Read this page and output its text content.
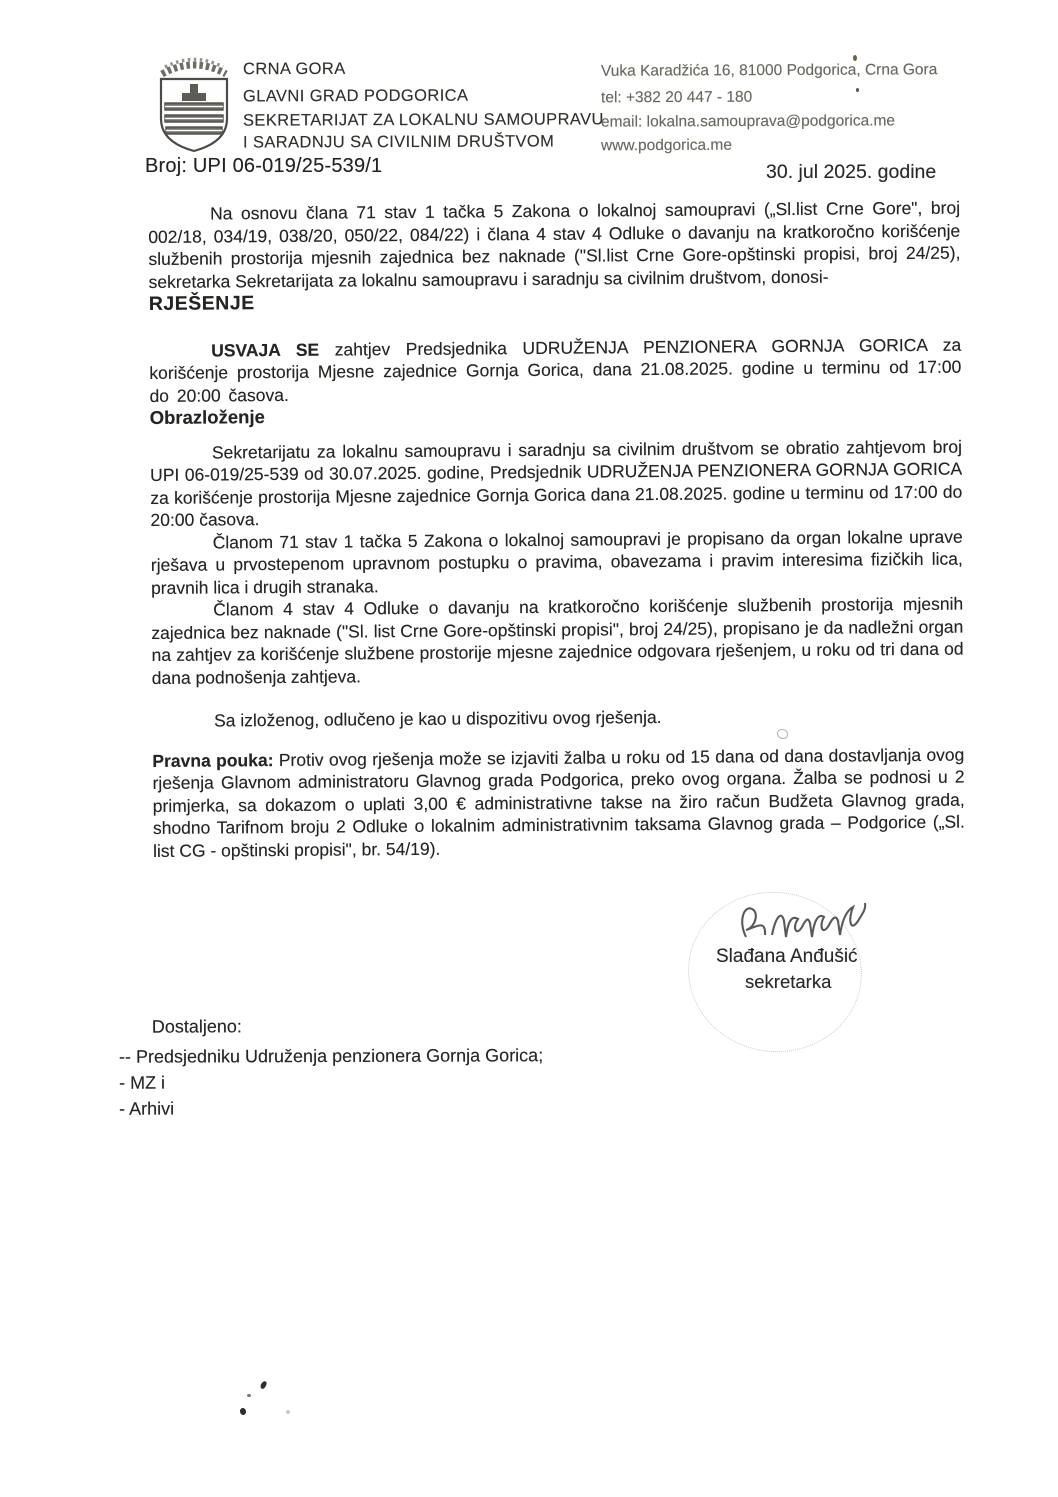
CRNA GORA
GLAVNI GRAD PODGORICA
SEKRETARIJAT ZA LOKALNU SAMOUPRAVU
I SARADNJU SA CIVILNIM DRUŠTVOM
Vuka Karadžića 16, 81000 Podgorica, Crna Gora
tel: +382 20 447 - 180
email: lokalna.samouprava@podgorica.me
www.podgorica.me
Broj: UPI 06-019/25-539/1	30. jul 2025. godine

Na osnovu člana 71 stav 1 tačka 5 Zakona o lokalnoj samoupravi („Sl.list Crne Gore", broj 002/18, 034/19, 038/20, 050/22, 084/22) i člana 4 stav 4 Odluke o davanju na kratkoročno korišćenje službenih prostorija mjesnih zajednica bez naknade ("Sl.list Crne Gore-opštinski propisi, broj 24/25), sekretarka Sekretarijata za lokalnu samoupravu i saradnju sa civilnim društvom, donosi-

RJEŠENJE

USVAJA SE zahtjev Predsjednika UDRUŽENJA PENZIONERA GORNJA GORICA za korišćenje prostorija Mjesne zajednice Gornja Gorica, dana 21.08.2025. godine u terminu od 17:00 do 20:00 časova.

Obrazloženje

Sekretarijatu za lokalnu samoupravu i saradnju sa civilnim društvom se obratio zahtjevom broj UPI 06-019/25-539 od 30.07.2025. godine, Predsjednik UDRUŽENJA PENZIONERA GORNJA GORICA za korišćenje prostorija Mjesne zajednice Gornja Gorica dana 21.08.2025. godine u terminu od 17:00 do 20:00 časova.

Članom 71 stav 1 tačka 5 Zakona o lokalnoj samoupravi je propisano da organ lokalne uprave rješava u prvostepenom upravnom postupku o pravima, obavezama i pravim interesima fizičkih lica, pravnih lica i drugih stranaka.

Članom 4 stav 4 Odluke o davanju na kratkoročno korišćenje službenih prostorija mjesnih zajednica bez naknade ("Sl. list Crne Gore-opštinski propisi", broj 24/25), propisano je da nadležni organ na zahtjev za korišćenje službene prostorije mjesne zajednice odgovara rješenjem, u roku od tri dana od dana podnošenja zahtjeva.

Sa izloženog, odlučeno je kao u dispozitivu ovog rješenja.

Pravna pouka: Protiv ovog rješenja može se izjaviti žalba u roku od 15 dana od dana dostavljanja ovog rješenja Glavnom administratoru Glavnog grada Podgorica, preko ovog organa. Žalba se podnosi u 2 primjerka, sa dokazom o uplati 3,00 € administrativne takse na žiro račun Budžeta Glavnog grada, shodno Tarifnom broju 2 Odluke o lokalnim administrativnim taksama Glavnog grada – Podgorice („Sl. list CG - opštinski propisi", br. 54/19).

Slađana Anđušić
sekretarka
Dostaljeno:
-- Predsjedniku Udruženja penzionera Gornja Gorica;
- MZ i
- Arhivi
